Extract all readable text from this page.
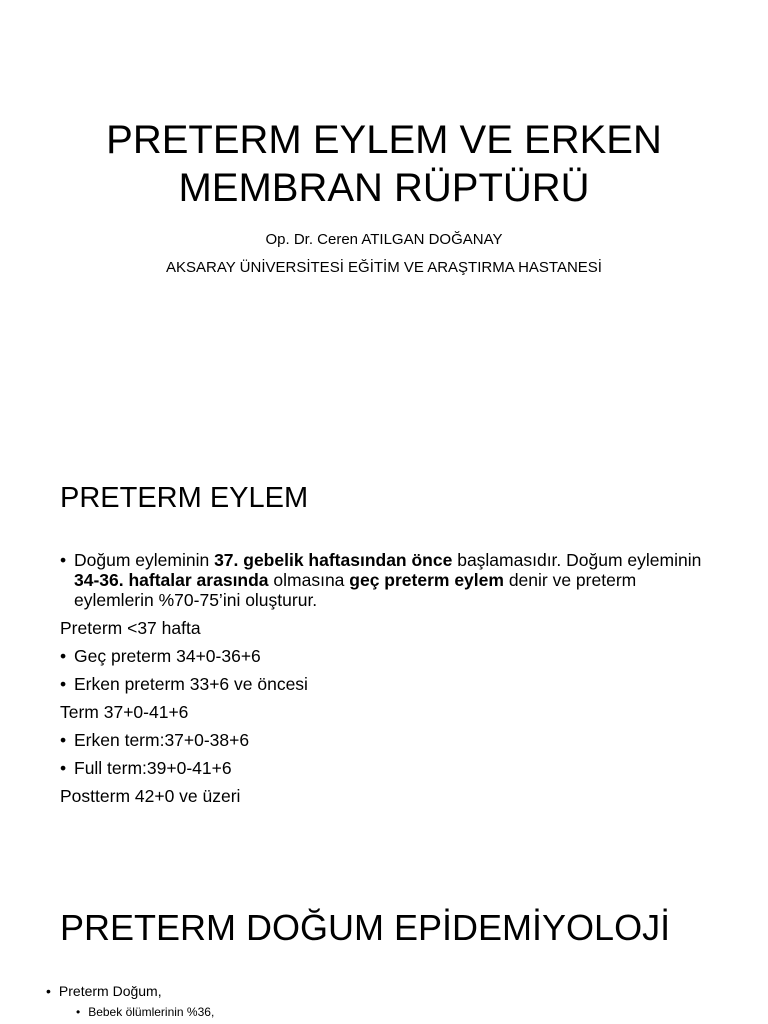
PRETERM EYLEM VE ERKEN
MEMBRAN RÜPTÜRÜ

Op. Dr. Ceren ATILGAN DOĞANAY

AKSARAY ÜNİVERSİTESİ EĞİTİM VE ARAŞTIRMA HASTANESİ

PRETERM EYLEM
• Doğum eyleminin 37. gebelik haftasından önce başlamasıdır. Doğum eyleminin 34-36. haftalar arasında olmasına geç preterm eylem denir ve preterm eylemlerin %70-75’ini oluşturur.
Preterm <37 hafta
• Geç preterm 34+0-36+6
• Erken preterm 33+6 ve öncesi
Term 37+0-41+6
• Erken term:37+0-38+6
• Full term:39+0-41+6
Postterm 42+0 ve üzeri
PRETERM DOĞUM EPİDEMİYOLOJİ
• Preterm Doğum,
• Bebek ölümlerinin %36,
